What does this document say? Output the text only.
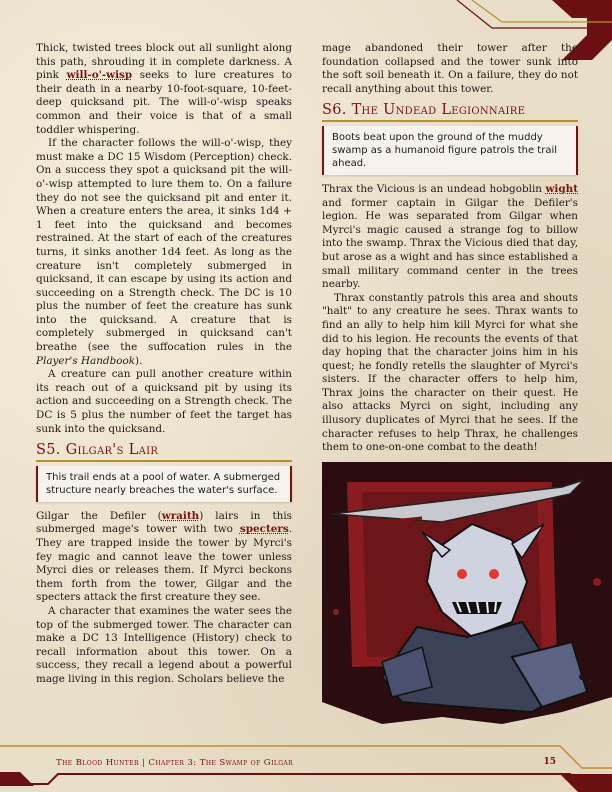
Thick, twisted trees block out all sunlight along this path, shrouding it in complete darkness. A pink will-o'-wisp seeks to lure creatures to their death in a nearby 10-foot-square, 10-feet-deep quicksand pit. The will-o'-wisp speaks common and their voice is that of a small toddler whispering.

If the character follows the will-o'-wisp, they must make a DC 15 Wisdom (Perception) check. On a success they spot a quicksand pit the will-o'-wisp attempted to lure them to. On a failure they do not see the quicksand pit and enter it. When a creature enters the area, it sinks 1d4 + 1 feet into the quicksand and becomes restrained. At the start of each of the creatures turns, it sinks another 1d4 feet. As long as the creature isn't completely submerged in quicksand, it can escape by using its action and succeeding on a Strength check. The DC is 10 plus the number of feet the creature has sunk into the quicksand. A creature that is completely submerged in quicksand can't breathe (see the suffocation rules in the Player's Handbook).

A creature can pull another creature within its reach out of a quicksand pit by using its action and succeeding on a Strength check. The DC is 5 plus the number of feet the target has sunk into the quicksand.

S5. Gilgar's Lair
This trail ends at a pool of water. A submerged structure nearly breaches the water's surface.

Gilgar the Defiler (wraith) lairs in this submerged mage's tower with two specters. They are trapped inside the tower by Myrci's fey magic and cannot leave the tower unless Myrci dies or releases them. If Myrci beckons them forth from the tower, Gilgar and the specters attack the first creature they see.

A character that examines the water sees the top of the submerged tower. The character can make a DC 13 Intelligence (History) check to recall information about this tower. On a success, they recall a legend about a powerful mage living in this region. Scholars believe the

mage abandoned their tower after the foundation collapsed and the tower sunk into the soft soil beneath it. On a failure, they do not recall anything about this tower.

S6. The Undead Legionnaire
Boots beat upon the ground of the muddy swamp as a humanoid figure patrols the trail ahead.

Thrax the Vicious is an undead hobgoblin wight and former captain in Gilgar the Defiler's legion. He was separated from Gilgar when Myrci's magic caused a strange fog to billow into the swamp. Thrax the Vicious died that day, but arose as a wight and has since established a small military command center in the trees nearby.

Thrax constantly patrols this area and shouts "halt" to any creature he sees. Thrax wants to find an ally to help him kill Myrci for what she did to his legion. He recounts the events of that day hoping that the character joins him in his quest; he fondly retells the slaughter of Myrci's sisters. If the character offers to help him, Thrax joins the character on their quest. He also attacks Myrci on sight, including any illusory duplicates of Myrci that he sees. If the character refuses to help Thrax, he challenges them to one-on-one combat to the death!

The Blood Hunter | Chapter 3: The Swamp of Gilgar	15
